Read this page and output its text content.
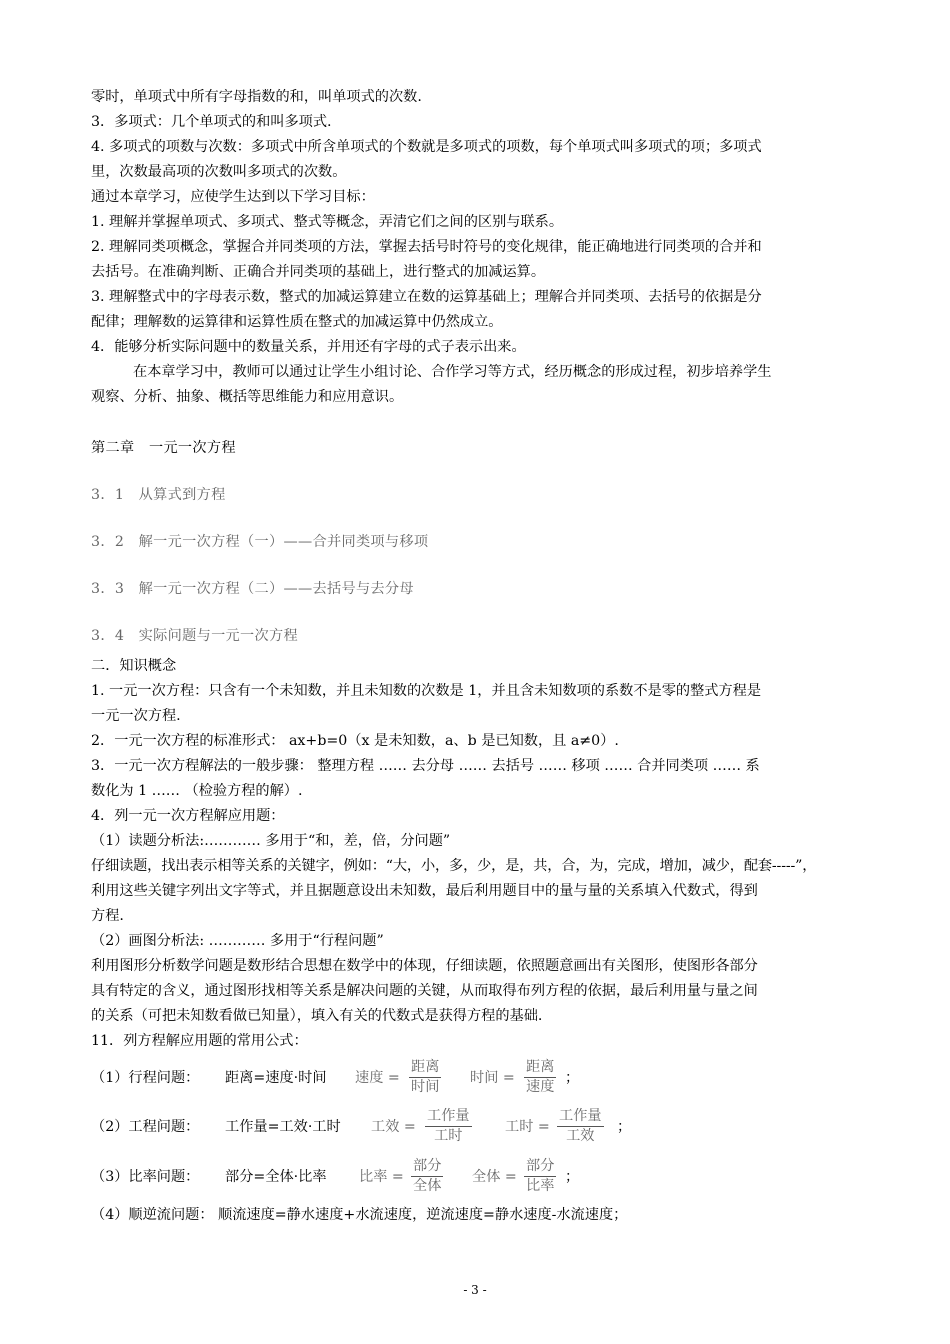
零时，单项式中所有字母指数的和，叫单项式的次数.
3．多项式：几个单项式的和叫多项式.
4. 多项式的项数与次数：多项式中所含单项式的个数就是多项式的项数，每个单项式叫多项式的项；多项式
里，次数最高项的次数叫多项式的次数。
通过本章学习，应使学生达到以下学习目标：
1. 理解并掌握单项式、多项式、整式等概念，弄清它们之间的区别与联系。
2. 理解同类项概念，掌握合并同类项的方法，掌握去括号时符号的变化规律，能正确地进行同类项的合并和
去括号。在准确判断、正确合并同类项的基础上，进行整式的加减运算。
3. 理解整式中的字母表示数，整式的加减运算建立在数的运算基础上；理解合并同类项、去括号的依据是分
配律；理解数的运算律和运算性质在整式的加减运算中仍然成立。
4．能够分析实际问题中的数量关系，并用还有字母的式子表示出来。
在本章学习中，教师可以通过让学生小组讨论、合作学习等方式，经历概念的形成过程，初步培养学生
观察、分析、抽象、概括等思维能力和应用意识。
第二章　一元一次方程
3．1　从算式到方程
3．2　解一元一次方程（一）——合并同类项与移项
3．3　解一元一次方程（二）——去括号与去分母
3．4　实际问题与一元一次方程
二．知识概念
1. 一元一次方程：只含有一个未知数，并且未知数的次数是 1，并且含未知数项的系数不是零的整式方程是
一元一次方程.
2．一元一次方程的标准形式： ax+b=0（x 是未知数，a、b 是已知数，且 a≠0）.
3．一元一次方程解法的一般步骤： 整理方程 …… 去分母 …… 去括号 …… 移项 …… 合并同类项 …… 系
数化为 1 …… （检验方程的解）.
4．列一元一次方程解应用题：
（1）读题分析法:………… 多用于“和，差，倍，分问题”
仔细读题，找出表示相等关系的关键字，例如：“大，小，多，少，是，共，合，为，完成，增加，减少，配套-----”，
利用这些关键字列出文字等式，并且据题意设出未知数，最后利用题目中的量与量的关系填入代数式，得到
方程.
（2）画图分析法: ………… 多用于“行程问题”
利用图形分析数学问题是数形结合思想在数学中的体现，仔细读题，依照题意画出有关图形，使图形各部分
具有特定的含义，通过图形找相等关系是解决问题的关键，从而取得布列方程的依据，最后利用量与量之间
的关系（可把未知数看做已知量），填入有关的代数式是获得方程的基础.
11．列方程解应用题的常用公式：
（1）行程问题： 距离=速度·时间 速度 =
距离
时间
时间 =
距离
速度
；
（2）工程问题： 工作量=工效·工时 工效 =
工作量
工时
工时 =
工作量
工效
；
（3）比率问题： 部分=全体·比率 比率 =
部分
全体
全体 =
部分
比率
；
（4）顺逆流问题： 顺流速度=静水速度+水流速度，逆流速度=静水速度-水流速度；
- 3 -
